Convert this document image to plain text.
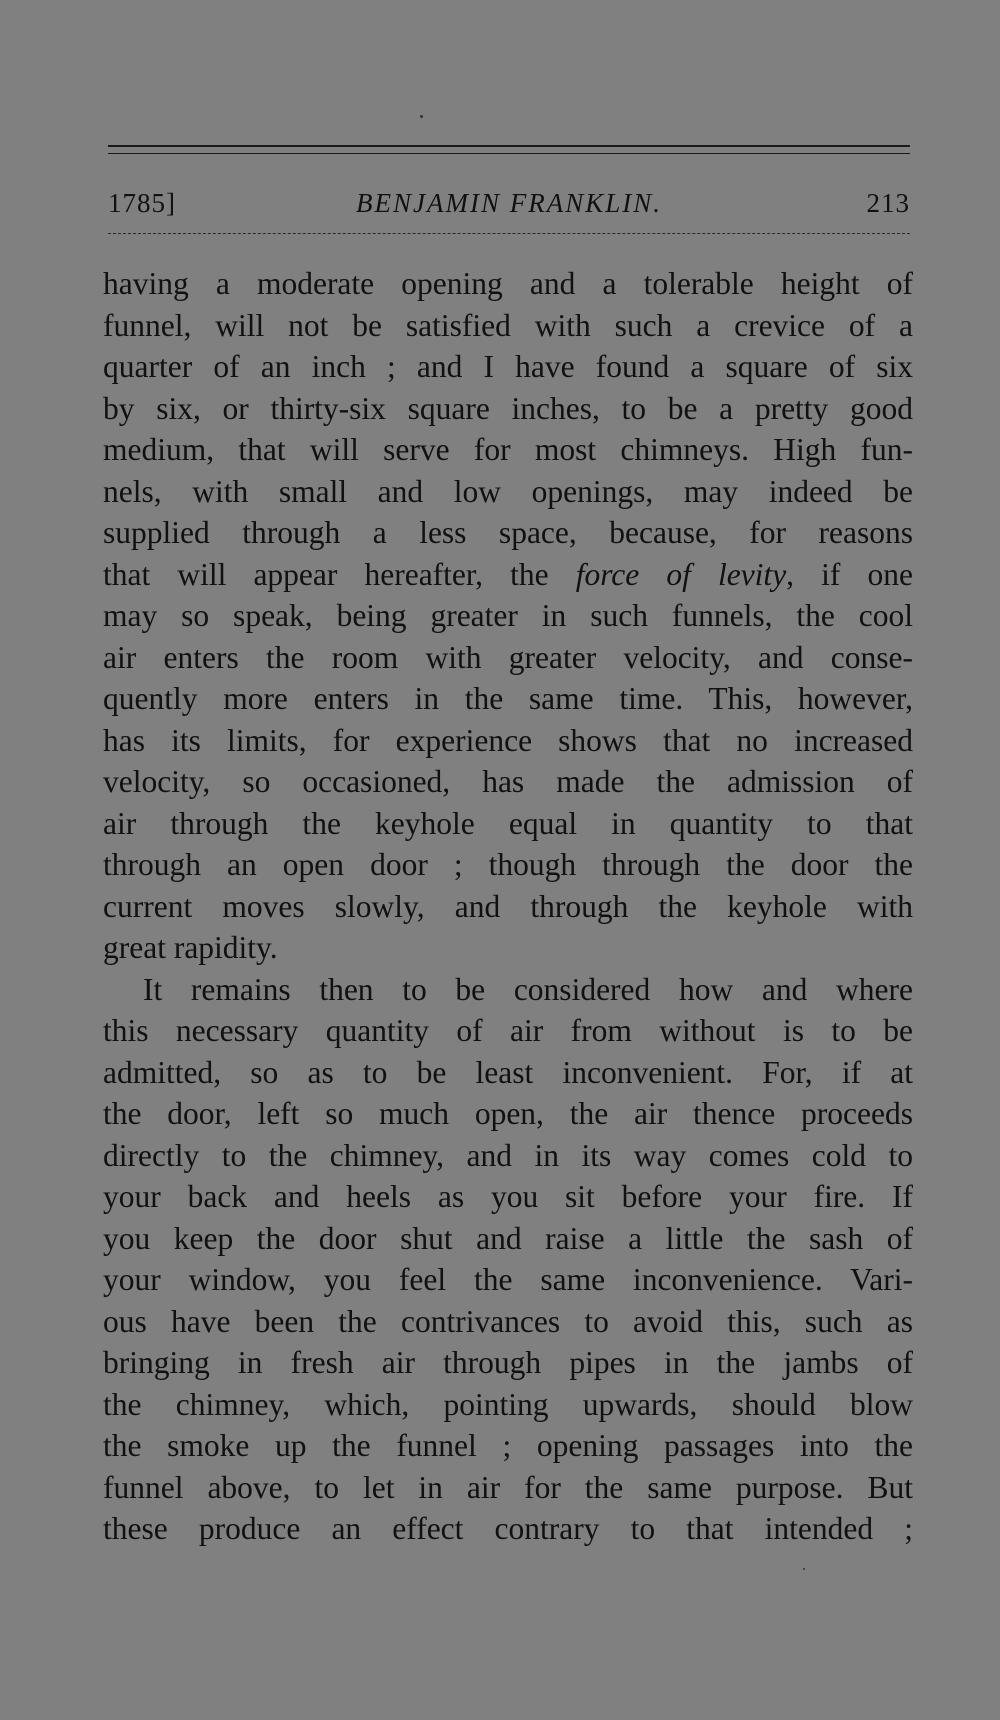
1785]	BENJAMIN FRANKLIN.	213
having a moderate opening and a tolerable height of
funnel, will not be satisfied with such a crevice of a
quarter of an inch ; and I have found a square of six
by six, or thirty-six square inches, to be a pretty good
medium, that will serve for most chimneys. High fun-
nels, with small and low openings, may indeed be
supplied through a less space, because, for reasons
that will appear hereafter, the force of levity, if one
may so speak, being greater in such funnels, the cool
air enters the room with greater velocity, and conse-
quently more enters in the same time. This, however,
has its limits, for experience shows that no increased
velocity, so occasioned, has made the admission of
air through the keyhole equal in quantity to that
through an open door ; though through the door the
current moves slowly, and through the keyhole with
great rapidity.
It remains then to be considered how and where
this necessary quantity of air from without is to be
admitted, so as to be least inconvenient. For, if at
the door, left so much open, the air thence proceeds
directly to the chimney, and in its way comes cold to
your back and heels as you sit before your fire. If
you keep the door shut and raise a little the sash of
your window, you feel the same inconvenience. Vari-
ous have been the contrivances to avoid this, such as
bringing in fresh air through pipes in the jambs of
the chimney, which, pointing upwards, should blow
the smoke up the funnel ; opening passages into the
funnel above, to let in air for the same purpose. But
these produce an effect contrary to that intended ;
